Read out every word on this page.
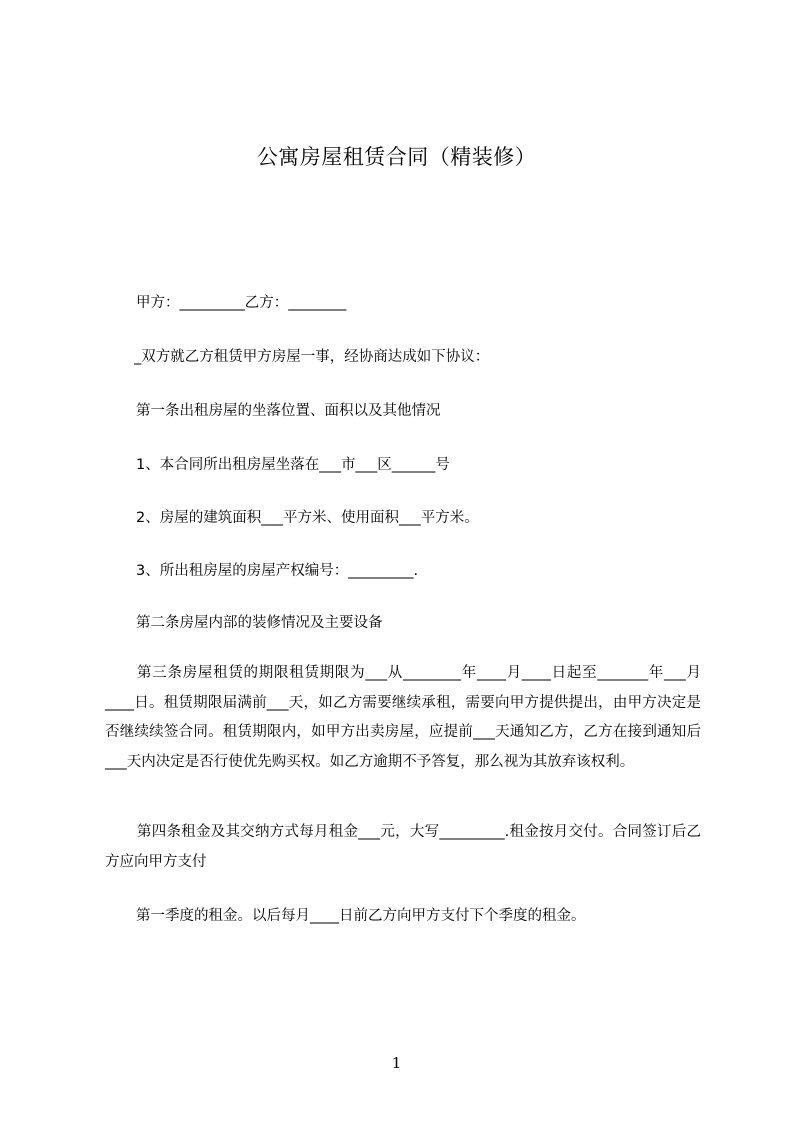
公寓房屋租赁合同（精装修）
甲方：_________乙方：________
_双方就乙方租赁甲方房屋一事，经协商达成如下协议：
第一条出租房屋的坐落位置、面积以及其他情况
1、本合同所出租房屋坐落在___市___区______号
2、房屋的建筑面积___平方米、使用面积___平方米。
3、所出租房屋的房屋产权编号：_________.
第二条房屋内部的装修情况及主要设备
第三条房屋租赁的期限租赁期限为___从________年____月____日起至_______年___月____日。租赁期限届满前___天，如乙方需要继续承租，需要向甲方提供提出，由甲方决定是否继续续签合同。租赁期限内，如甲方出卖房屋，应提前___天通知乙方，乙方在接到通知后___天内决定是否行使优先购买权。如乙方逾期不予答复，那么视为其放弃该权利。
第四条租金及其交纳方式每月租金___元，大写_________.租金按月交付。合同签订后乙方应向甲方支付
第一季度的租金。以后每月____日前乙方向甲方支付下个季度的租金。
1
